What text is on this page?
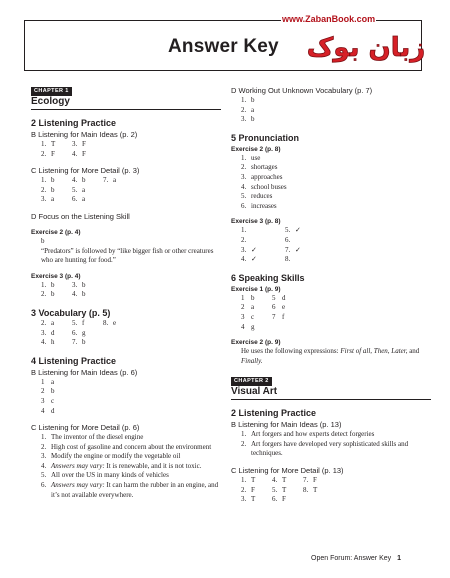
Answer Key
www.ZabanBook.com
زبان بوک
CHAPTER 1
Ecology
2 Listening Practice
B Listening for Main Ideas (p. 2)
1. T 3. F
2. F 4. F
C Listening for More Detail (p. 3)
1. b	4. b	7. a
2. b	5. a
3. a	6. a
D Focus on the Listening Skill
Exercise 2 (p. 4)
b
“Predators” is followed by “like bigger fish or other creatures who are hunting for food.”
Exercise 3 (p. 4)
1. b	3. b
2. b	4. b
3 Vocabulary (p. 5)
2. a	5. f	8. e
3. d	6. g
4. h	7. b
4 Listening Practice
B Listening for Main Ideas (p. 6)
1 a
2 b
3 c
4 d
C Listening for More Detail (p. 6)
1. The inventor of the diesel engine
2. High cost of gasoline and concern about the environment
3. Modify the engine or modify the vegetable oil
4. Answers may vary: It is renewable, and it is not toxic.
5. All over the US in many kinds of vehicles
6. Answers may vary: It can harm the rubber in an engine, and it’s not available everywhere.
D Working Out Unknown Vocabulary (p. 7)
1. b
2. a
3. b
5 Pronunciation
Exercise 2 (p. 8)
1. use
2. shortages
3. approaches
4. school buses
5. reduces
6. increases
Exercise 3 (p. 8)
1.	5. ✓
2.	6.
3. ✓	7. ✓
4. ✓	8.
6 Speaking Skills
Exercise 1 (p. 9)
1 b	5 d
2 a	6 e
3 c	7 f
4 g
Exercise 2 (p. 9)
He uses the following expressions: First of all, Then, Later, and Finally.
CHAPTER 2
Visual Art
2 Listening Practice
B Listening for Main Ideas (p. 13)
1. Art forgers and how experts detect forgeries
2. Art forgers have developed very sophisticated skills and techniques.
C Listening for More Detail (p. 13)
1. T 4. T 7. F
2. F 5. T 8. T
3. T 6. F
Open Forum: Answer Key 1
